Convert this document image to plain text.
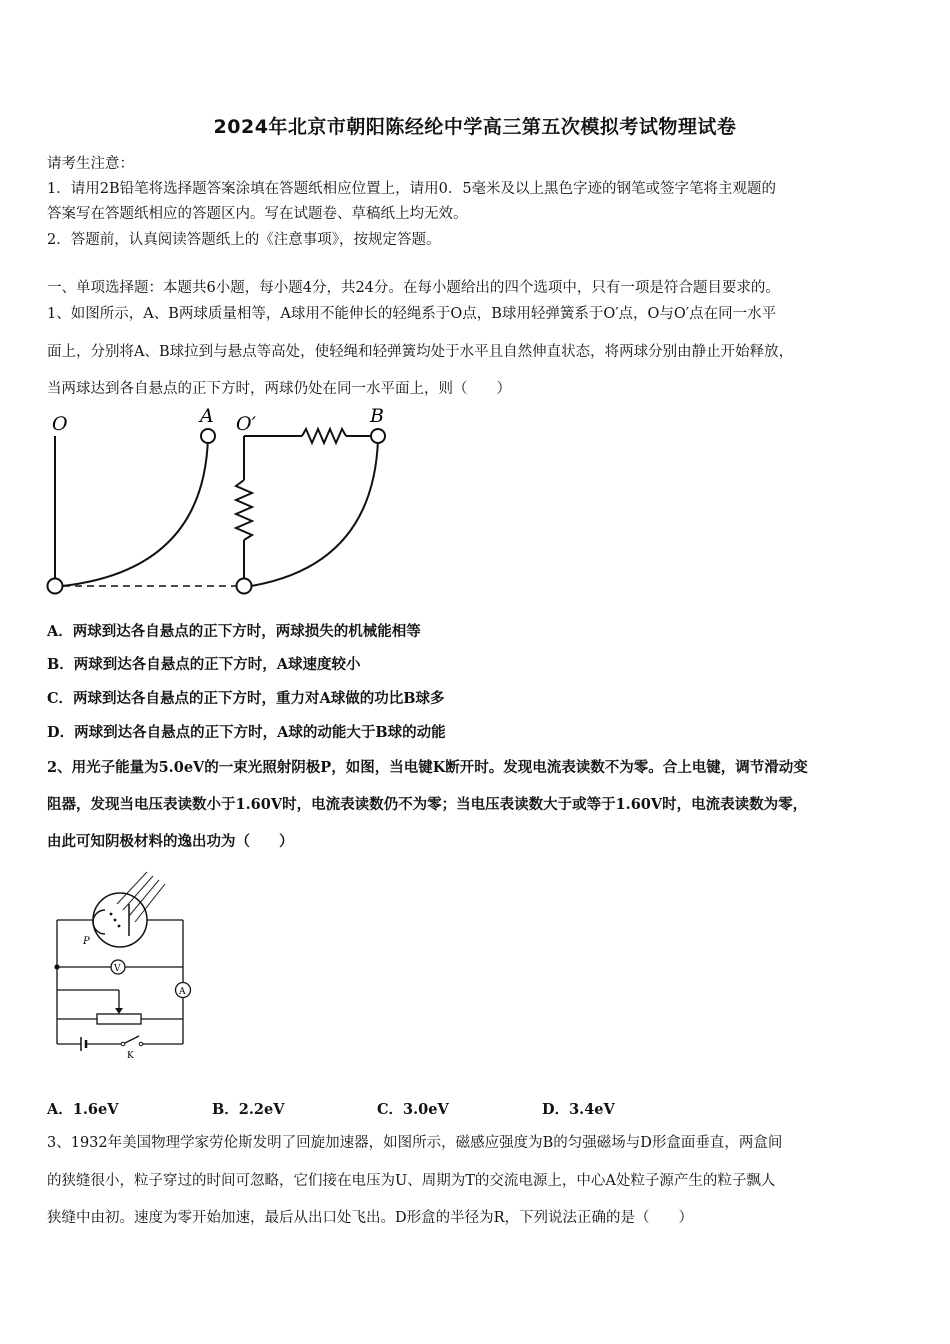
2024年北京市朝阳陈经纶中学高三第五次模拟考试物理试卷
请考生注意：
1．请用2B铅笔将选择题答案涂填在答题纸相应位置上，请用0．5毫米及以上黑色字迹的钢笔或签字笔将主观题的
答案写在答题纸相应的答题区内。写在试题卷、草稿纸上均无效。
2．答题前，认真阅读答题纸上的《注意事项》，按规定答题。
一、单项选择题：本题共6小题，每小题4分，共24分。在每小题给出的四个选项中，只有一项是符合题目要求的。
1、如图所示，A、B两球质量相等，A球用不能伸长的轻绳系于O点，B球用轻弹簧系于O′点，O与O′点在同一水平
面上，分别将A、B球拉到与悬点等高处，使轻绳和轻弹簧均处于水平且自然伸直状态，将两球分别由静止开始释放，
当两球达到各自悬点的正下方时，两球仍处在同一水平面上，则（　　）
O	A O′	B
A．两球到达各自悬点的正下方时，两球损失的机械能相等
B．两球到达各自悬点的正下方时，A球速度较小
C．两球到达各自悬点的正下方时，重力对A球做的功比B球多
D．两球到达各自悬点的正下方时，A球的动能大于B球的动能
2、用光子能量为5.0eV的一束光照射阴极P，如图，当电键K断开时。发现电流表读数不为零。合上电键，调节滑动变
阻器，发现当电压表读数小于1.60V时，电流表读数仍不为零；当电压表读数大于或等于1.60V时，电流表读数为零，
由此可知阴极材料的逸出功为（　　）
V
A
P
K
A．1.6eV	B．2.2eV	C．3.0eV	D．3.4eV
3、1932年美国物理学家劳伦斯发明了回旋加速器，如图所示，磁感应强度为B的匀强磁场与D形盒面垂直，两盒间
的狭缝很小，粒子穿过的时间可忽略，它们接在电压为U、周期为T的交流电源上，中心A处粒子源产生的粒子飘人
狭缝中由初。速度为零开始加速，最后从出口处飞出。D形盒的半径为R，下列说法正确的是（　　）
